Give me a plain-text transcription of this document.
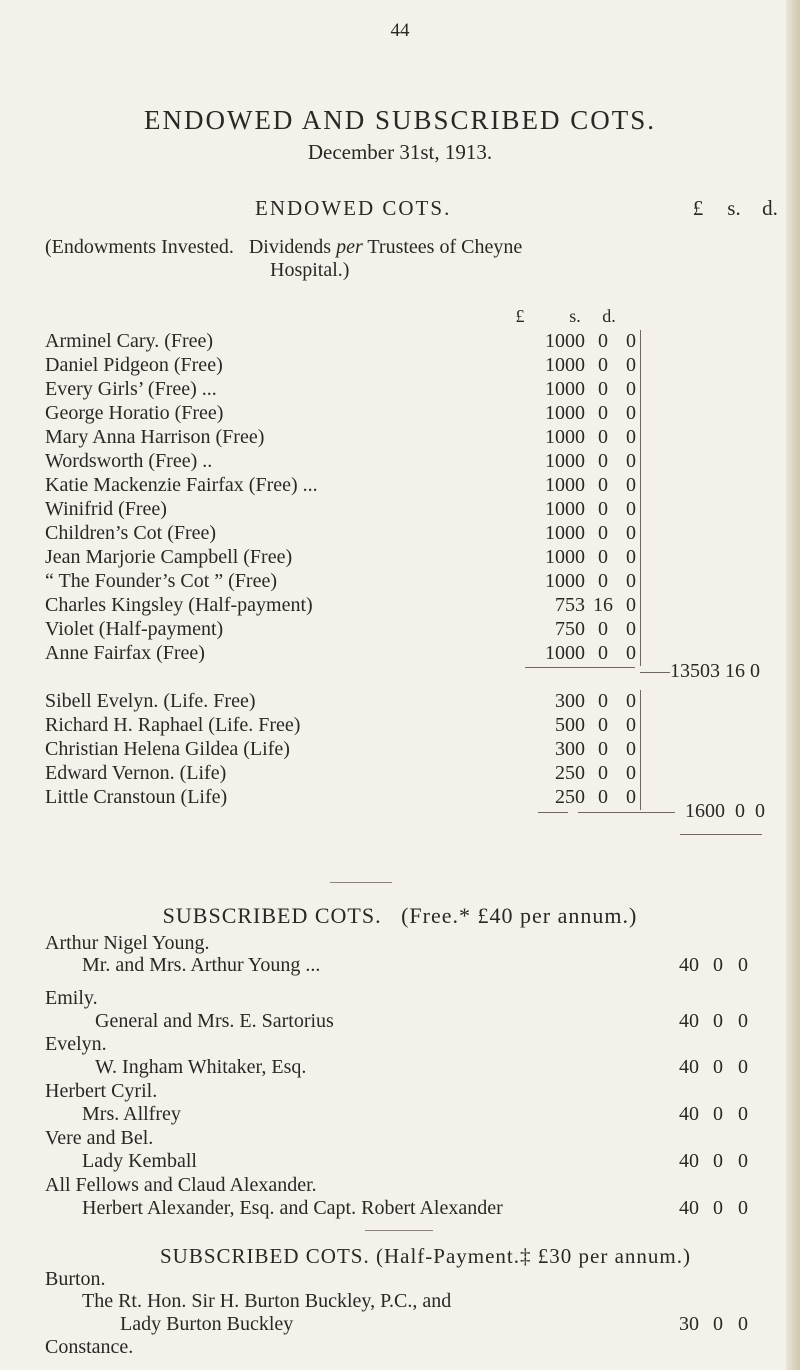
44
ENDOWED AND SUBSCRIBED COTS.
December 31st, 1913.
ENDOWED COTS.	£ s. d.
(Endowments Invested. Dividends per Trustees of Cheyne
Hospital.)
£ s. d.
Arminel Cary. (Free)	1000 0 0
Daniel Pidgeon (Free)	1000 0 0
Every Girls’ (Free) ...	1000 0 0
George Horatio (Free)	1000 0 0
Mary Anna Harrison (Free)	1000 0 0
Wordsworth (Free) ..	1000 0 0
Katie Mackenzie Fairfax (Free) ...	1000 0 0
Winifrid (Free)	1000 0 0
Children’s Cot (Free)	1000 0 0
Jean Marjorie Campbell (Free)	1000 0 0
“ The Founder’s Cot ” (Free)	1000 0 0
Charles Kingsley (Half-payment)	753 16 0
Violet (Half-payment)	750 0 0
Anne Fairfax (Free)	1000 0 0
13503 16 0
Sibell Evelyn. (Life. Free)	300 0 0
Richard H. Raphael (Life. Free)	500 0 0
Christian Helena Gildea (Life)	300 0 0
Edward Vernon. (Life)	250 0 0
Little Cranstoun (Life)	250 0 0
1600 0 0
SUBSCRIBED COTS. (Free.* £40 per annum.)
Arthur Nigel Young.
Mr. and Mrs. Arthur Young ...	40 0 0
Emily.
General and Mrs. E. Sartorius	40 0 0
Evelyn.
W. Ingham Whitaker, Esq.	40 0 0
Herbert Cyril.
Mrs. Allfrey	40 0 0
Vere and Bel.
Lady Kemball	40 0 0
All Fellows and Claud Alexander.
Herbert Alexander, Esq. and Capt. Robert Alexander	40 0 0
SUBSCRIBED COTS. (Half-Payment.‡ £30 per annum.)
Burton.
The Rt. Hon. Sir H. Burton Buckley, P.C., and
Lady Burton Buckley	30 0 0
Constance.
